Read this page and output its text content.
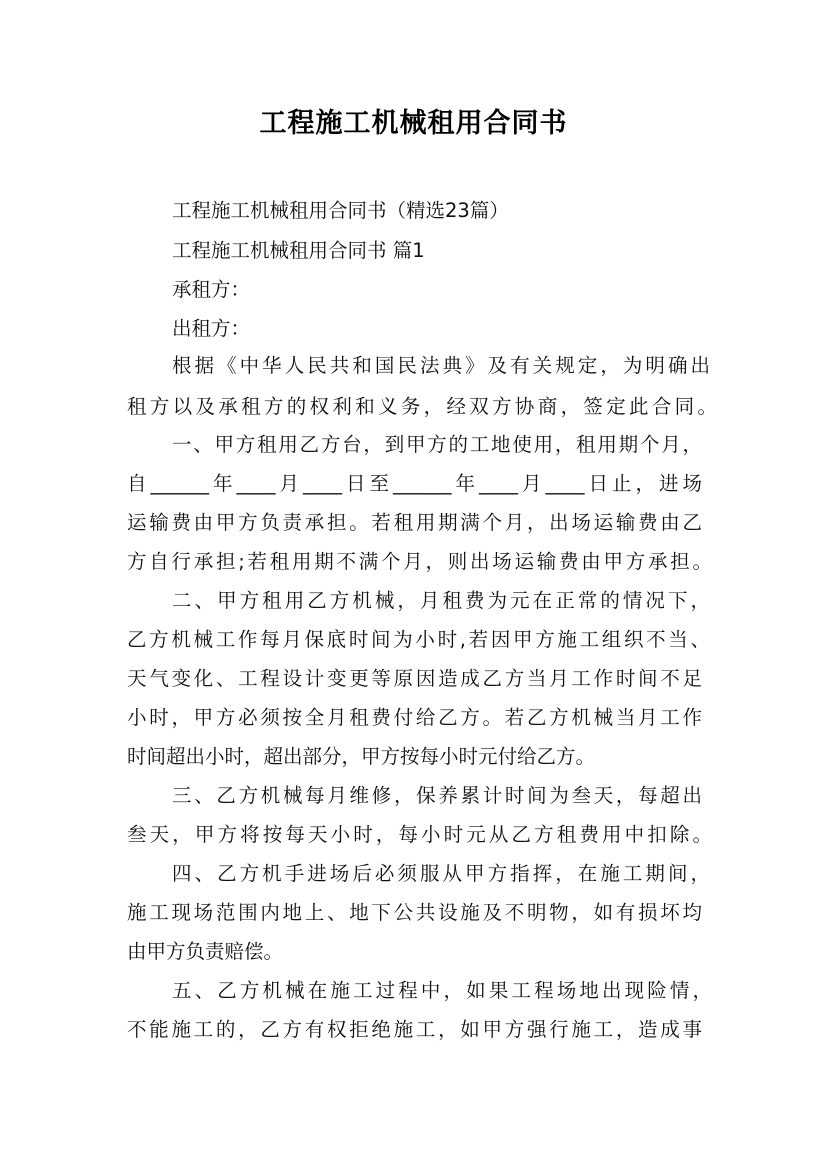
工程施工机械租用合同书
工程施工机械租用合同书（精选23篇）
工程施工机械租用合同书 篇1
承租方：
出租方：
根据《中华人民共和国民法典》及有关规定，为明确出
租方以及承租方的权利和义务，经双方协商，签定此合同。
一、甲方租用乙方台，到甲方的工地使用，租用期个月，
自______年____月____日至______年____月____日止，进场
运输费由甲方负责承担。若租用期满个月，出场运输费由乙
方自行承担;若租用期不满个月，则出场运输费由甲方承担。
二、甲方租用乙方机械，月租费为元在正常的情况下，
乙方机械工作每月保底时间为小时,若因甲方施工组织不当、
天气变化、工程设计变更等原因造成乙方当月工作时间不足
小时，甲方必须按全月租费付给乙方。若乙方机械当月工作
时间超出小时，超出部分，甲方按每小时元付给乙方。
三、乙方机械每月维修，保养累计时间为叁天，每超出
叁天，甲方将按每天小时，每小时元从乙方租费用中扣除。
四、乙方机手进场后必须服从甲方指挥，在施工期间，
施工现场范围内地上、地下公共设施及不明物，如有损坏均
由甲方负责赔偿。
五、乙方机械在施工过程中，如果工程场地出现险情，
不能施工的，乙方有权拒绝施工，如甲方强行施工，造成事
